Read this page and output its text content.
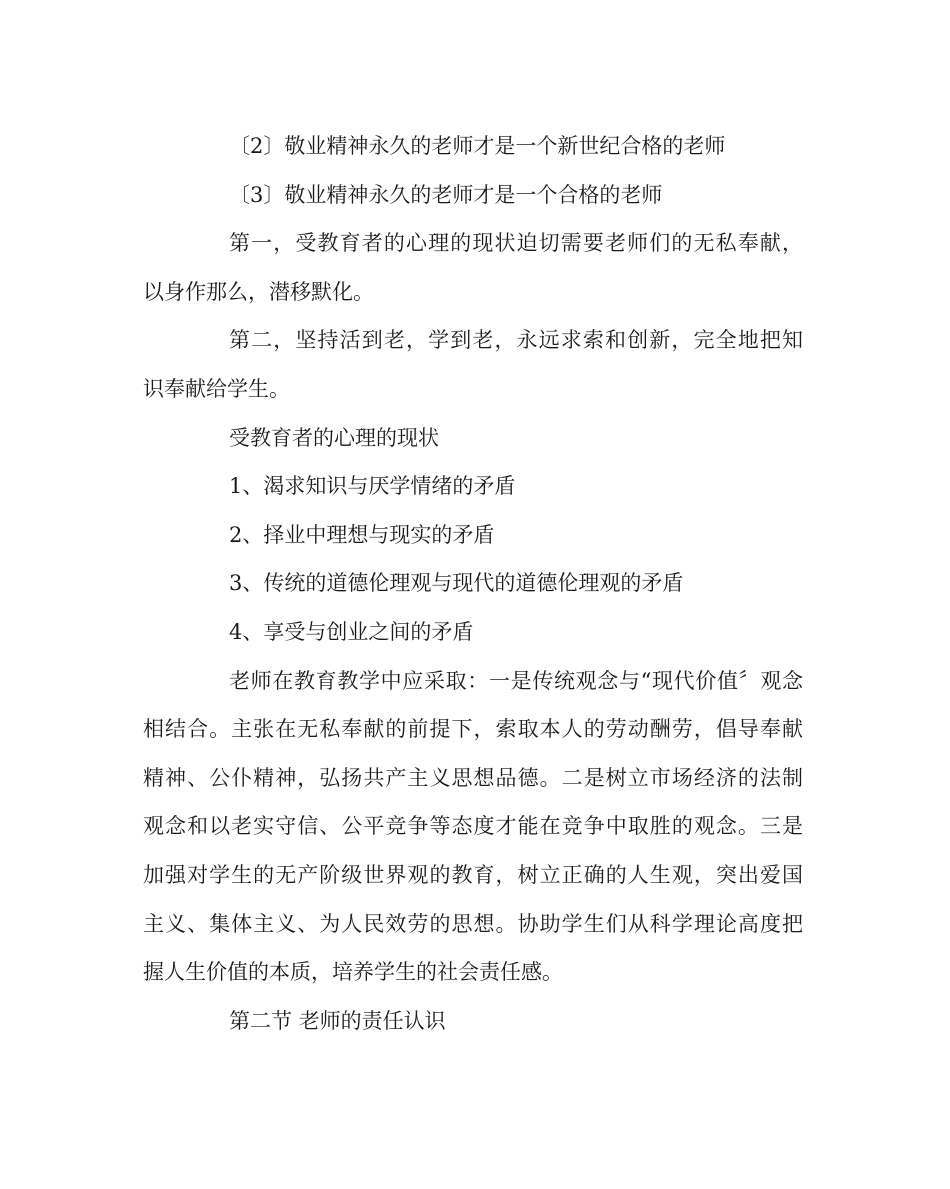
〔2〕敬业精神永久的老师才是一个新世纪合格的老师
〔3〕敬业精神永久的老师才是一个合格的老师
第一，受教育者的心理的现状迫切需要老师们的无私奉献，
以身作那么，潜移默化。
第二，坚持活到老，学到老，永远求索和创新，完全地把知
识奉献给学生。
受教育者的心理的现状
1、渴求知识与厌学情绪的矛盾
2、择业中理想与现实的矛盾
3、传统的道德伦理观与现代的道德伦理观的矛盾
4、享受与创业之间的矛盾
老师在教育教学中应采取：一是传统观念与“现代价值〞观念
相结合。主张在无私奉献的前提下，索取本人的劳动酬劳，倡导奉献
精神、公仆精神，弘扬共产主义思想品德。二是树立市场经济的法制
观念和以老实守信、公平竞争等态度才能在竞争中取胜的观念。三是
加强对学生的无产阶级世界观的教育，树立正确的人生观，突出爱国
主义、集体主义、为人民效劳的思想。协助学生们从科学理论高度把
握人生价值的本质，培养学生的社会责任感。
第二节 老师的责任认识
